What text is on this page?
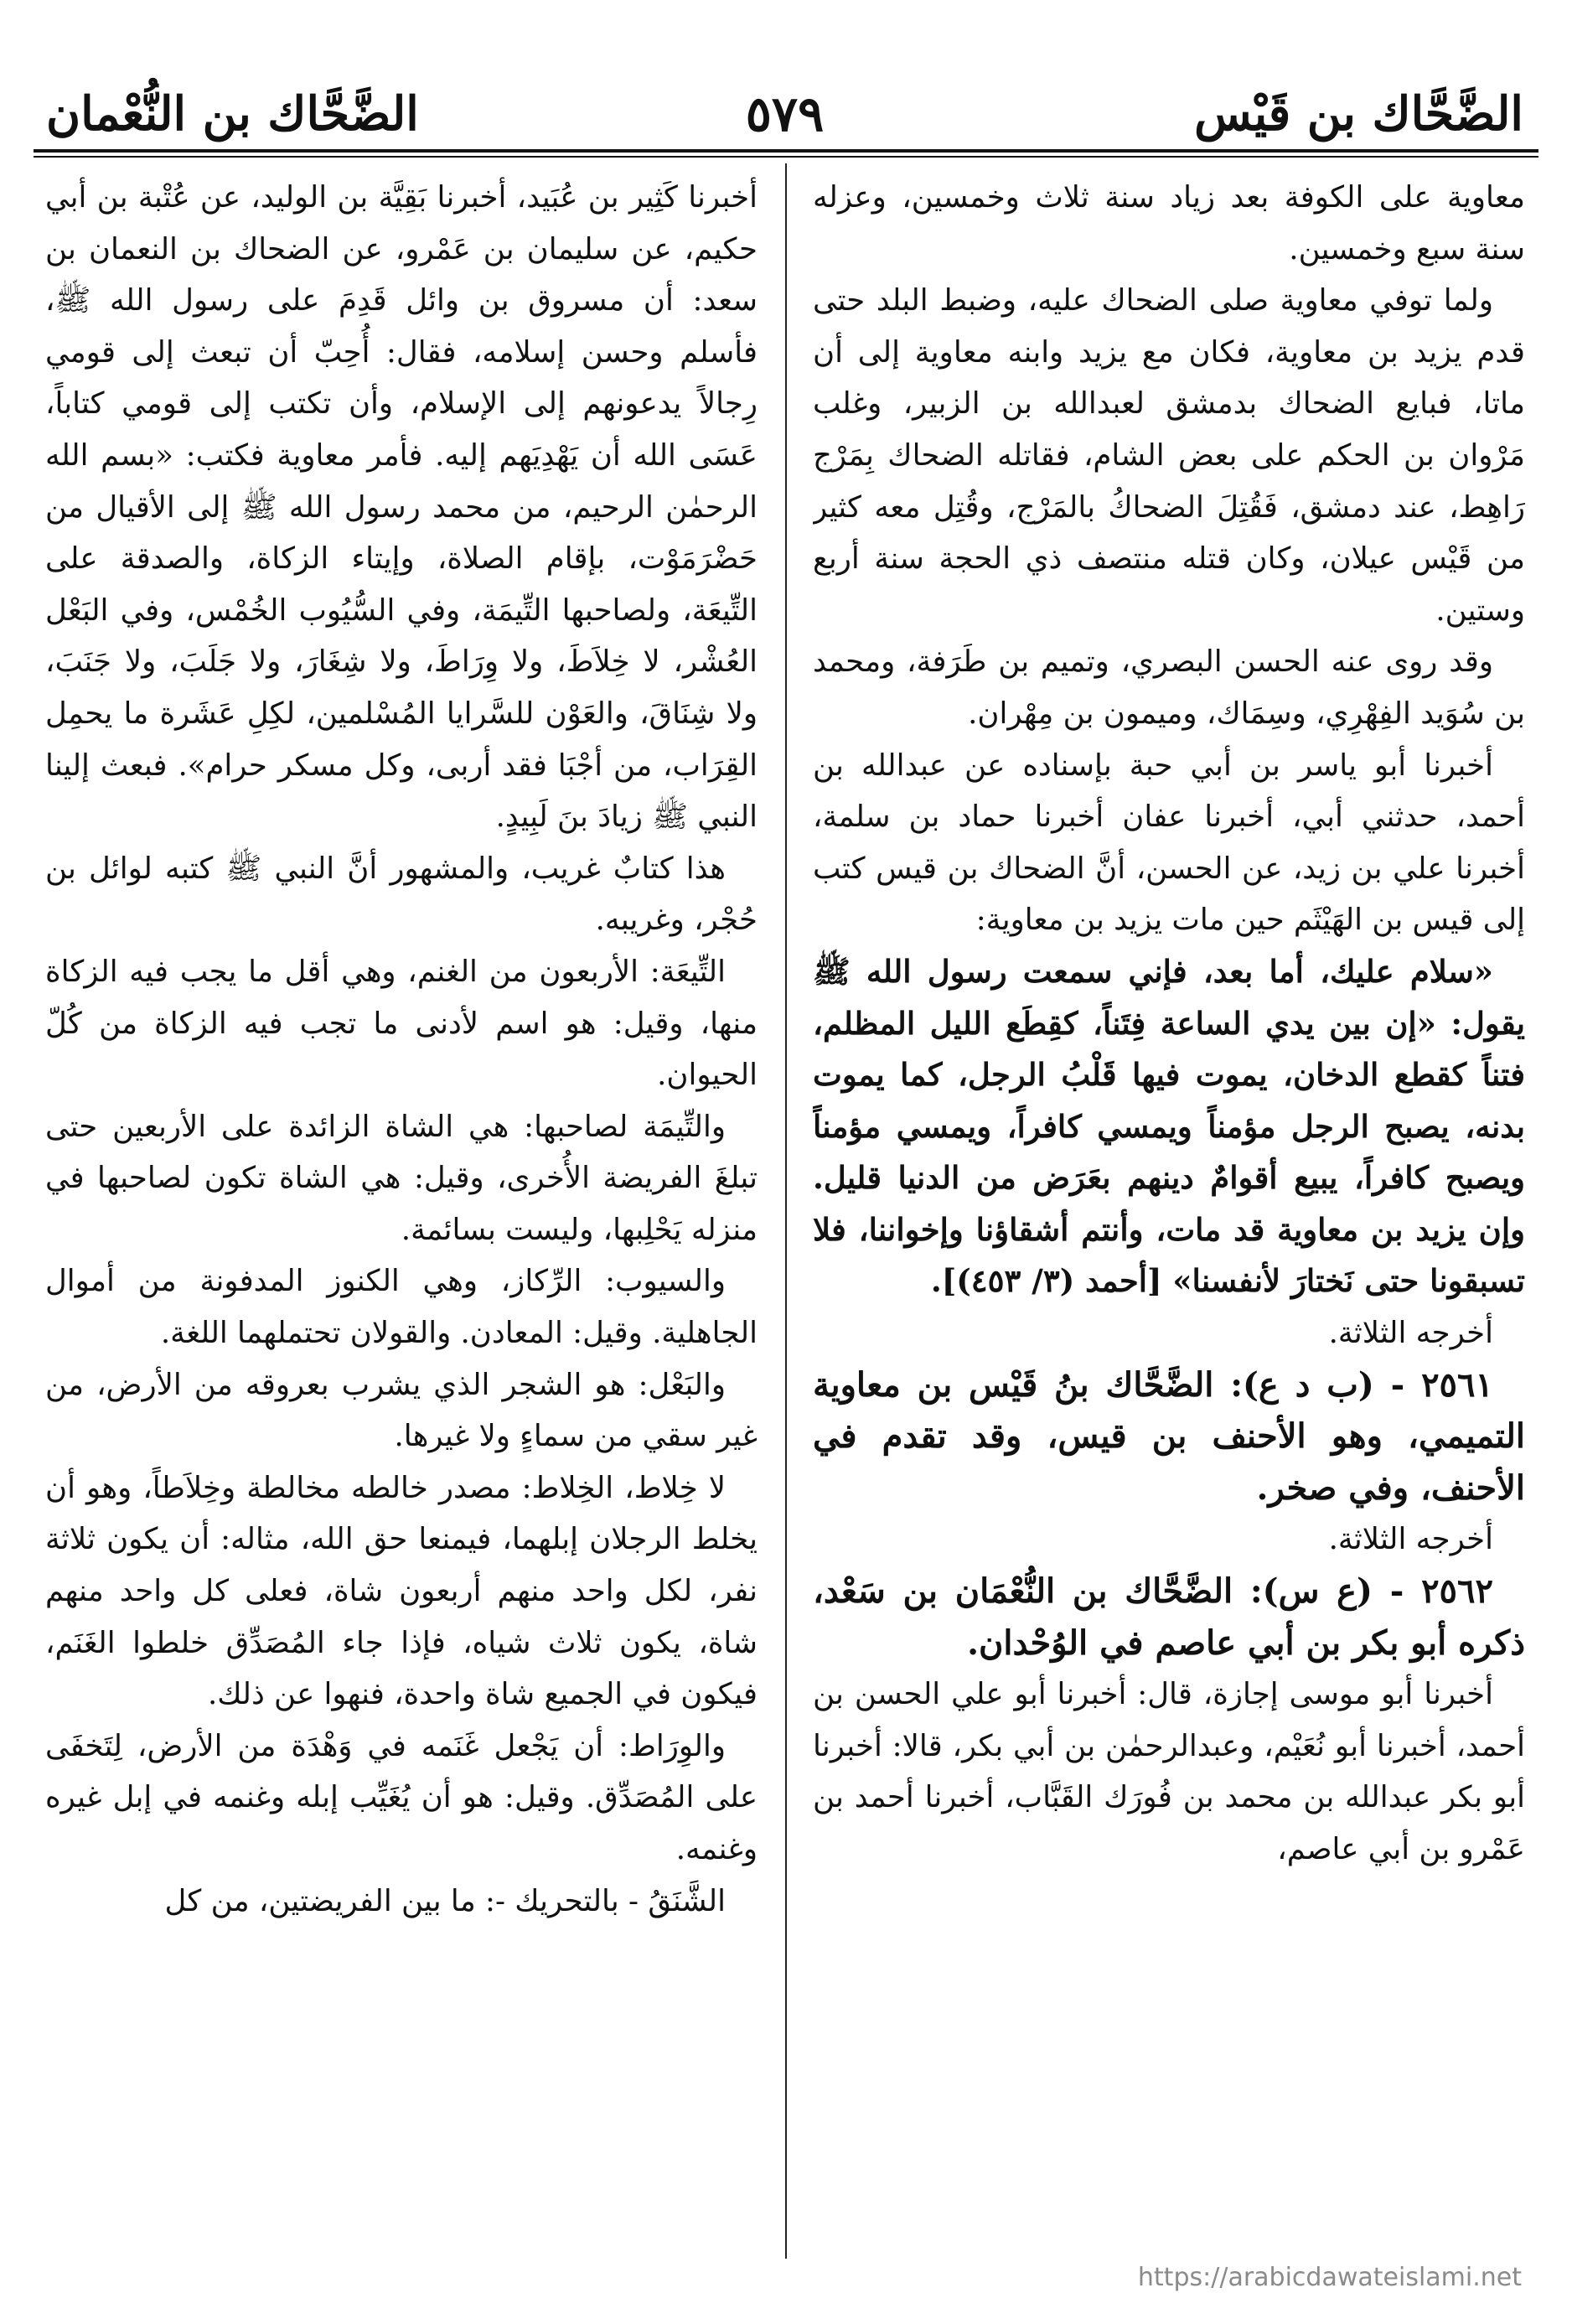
الضَّحَّاك بن قَيْس
٥٧٩
الضَّحَّاك بن النُّعْمان

معاوية على الكوفة بعد زياد سنة ثلاث وخمسين، وعزله سنة سبع وخمسين.

ولما توفي معاوية صلى الضحاك عليه، وضبط البلد حتى قدم يزيد بن معاوية، فكان مع يزيد وابنه معاوية إلى أن ماتا، فبايع الضحاك بدمشق لعبدالله بن الزبير، وغلب مَرْوان بن الحكم على بعض الشام، فقاتله الضحاك بِمَرْج رَاهِط، عند دمشق، فَقُتِلَ الضحاكُ بالمَرْج، وقُتِل معه كثير من قَيْس عيلان، وكان قتله منتصف ذي الحجة سنة أربع وستين.

وقد روى عنه الحسن البصري، وتميم بن طَرَفة، ومحمد بن سُوَيد الفِهْرِي، وسِمَاك، وميمون بن مِهْران.

أخبرنا أبو ياسر بن أبي حبة بإسناده عن عبدالله بن أحمد، حدثني أبي، أخبرنا عفان أخبرنا حماد بن سلمة، أخبرنا علي بن زيد، عن الحسن، أنَّ الضحاك بن قيس كتب إلى قيس بن الهَيْثَم حين مات يزيد بن معاوية:

«سلام عليك، أما بعد، فإني سمعت رسول الله ﷺ يقول: «إن بين يدي الساعة فِتَناً، كقِطَع الليل المظلم، فتناً كقطع الدخان، يموت فيها قَلْبُ الرجل، كما يموت بدنه، يصبح الرجل مؤمناً ويمسي كافراً، ويمسي مؤمناً ويصبح كافراً، يبيع أقوامٌ دينهم بعَرَض من الدنيا قليل. وإن يزيد بن معاوية قد مات، وأنتم أشقاؤنا وإخواننا، فلا تسبقونا حتى نَختارَ لأنفسنا» [أحمد (٣/ ٤٥٣)].

أخرجه الثلاثة.

٢٥٦١ - (ب د ع): الضَّحَّاك بنُ قَيْس بن معاوية التميمي، وهو الأحنف بن قيس، وقد تقدم في الأحنف، وفي صخر.

أخرجه الثلاثة.

٢٥٦٢ - (ع س): الضَّحَّاك بن النُّعْمَان بن سَعْد، ذكره أبو بكر بن أبي عاصم في الوُحْدان.

أخبرنا أبو موسى إجازة، قال: أخبرنا أبو علي الحسن بن أحمد، أخبرنا أبو نُعَيْم، وعبدالرحمٰن بن أبي بكر، قالا: أخبرنا أبو بكر عبدالله بن محمد بن فُورَك القَبَّاب، أخبرنا أحمد بن عَمْرو بن أبي عاصم،

أخبرنا كَثِير بن عُبَيد، أخبرنا بَقِيَّة بن الوليد، عن عُتْبة بن أبي حكيم، عن سليمان بن عَمْرو، عن الضحاك بن النعمان بن سعد: أن مسروق بن وائل قَدِمَ على رسول الله ﷺ، فأسلم وحسن إسلامه، فقال: أُحِبّ أن تبعث إلى قومي رِجالاً يدعونهم إلى الإسلام، وأن تكتب إلى قومي كتاباً، عَسَى الله أن يَهْدِيَهم إليه. فأمر معاوية فكتب: «بسم الله الرحمٰن الرحيم، من محمد رسول الله ﷺ إلى الأقيال من حَضْرَمَوْت، بإقام الصلاة، وإيتاء الزكاة، والصدقة على التِّيعَة، ولصاحبها التِّيمَة، وفي السُّيُوب الخُمْس، وفي البَعْل العُشْر، لا خِلاَطَ، ولا وِرَاطَ، ولا شِغَارَ، ولا جَلَبَ، ولا جَنَبَ، ولا شِنَاقَ، والعَوْن للسَّرايا المُسْلمين، لكِلِ عَشَرة ما يحمِل القِرَاب، من أجْبَا فقد أربى، وكل مسكر حرام». فبعث إلينا النبي ﷺ زيادَ بنَ لَبِيدٍ.

هذا كتابٌ غريب، والمشهور أنَّ النبي ﷺ كتبه لوائل بن حُجْر، وغريبه.

التِّيعَة: الأربعون من الغنم، وهي أقل ما يجب فيه الزكاة منها، وقيل: هو اسم لأدنى ما تجب فيه الزكاة من كُلّ الحيوان.

والتِّيمَة لصاحبها: هي الشاة الزائدة على الأربعين حتى تبلغَ الفريضة الأُخرى، وقيل: هي الشاة تكون لصاحبها في منزله يَحْلِبها، وليست بسائمة.

والسيوب: الرِّكاز، وهي الكنوز المدفونة من أموال الجاهلية. وقيل: المعادن. والقولان تحتملهما اللغة.

والبَعْل: هو الشجر الذي يشرب بعروقه من الأرض، من غير سقي من سماءٍ ولا غيرها.

لا خِلاط، الخِلاط: مصدر خالطه مخالطة وخِلاَطاً، وهو أن يخلط الرجلان إبلهما، فيمنعا حق الله، مثاله: أن يكون ثلاثة نفر، لكل واحد منهم أربعون شاة، فعلى كل واحد منهم شاة، يكون ثلاث شياه، فإذا جاء المُصَدِّق خلطوا الغَنَم، فيكون في الجميع شاة واحدة، فنهوا عن ذلك.

والوِرَاط: أن يَجْعل غَنَمه في وَهْدَة من الأرض، لِتَخفَى على المُصَدِّق. وقيل: هو أن يُغَيِّب إبله وغنمه في إبل غيره وغنمه.

الشَّنَقُ - بالتحريك -: ما بين الفريضتين، من كل

https://arabicdawateislami.net
